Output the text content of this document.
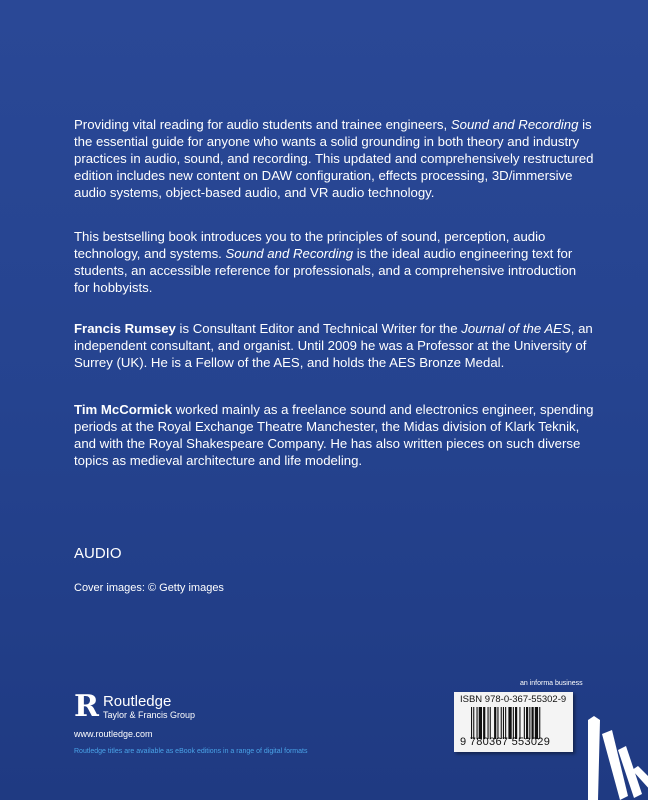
Providing vital reading for audio students and trainee engineers, Sound and Recording is the essential guide for anyone who wants a solid grounding in both theory and industry practices in audio, sound, and recording. This updated and comprehensively restructured edition includes new content on DAW configuration, effects processing, 3D/immersive audio systems, object-based audio, and VR audio technology.

This bestselling book introduces you to the principles of sound, perception, audio technology, and systems. Sound and Recording is the ideal audio engineering text for students, an accessible reference for professionals, and a comprehensive introduction for hobbyists.

Francis Rumsey is Consultant Editor and Technical Writer for the Journal of the AES, an independent consultant, and organist. Until 2009 he was a Professor at the University of Surrey (UK). He is a Fellow of the AES, and holds the AES Bronze Medal.

Tim McCormick worked mainly as a freelance sound and electronics engineer, spending periods at the Royal Exchange Theatre Manchester, the Midas division of Klark Teknik, and with the Royal Shakespeare Company. He has also written pieces on such diverse topics as medieval architecture and life modeling.

AUDIO
Cover images: © Getty images
R Routledge
Taylor & Francis Group
www.routledge.com
Routledge titles are available as eBook editions in a range of digital formats
an informa business
ISBN 978-0-367-55302-9
9 780367 553029
